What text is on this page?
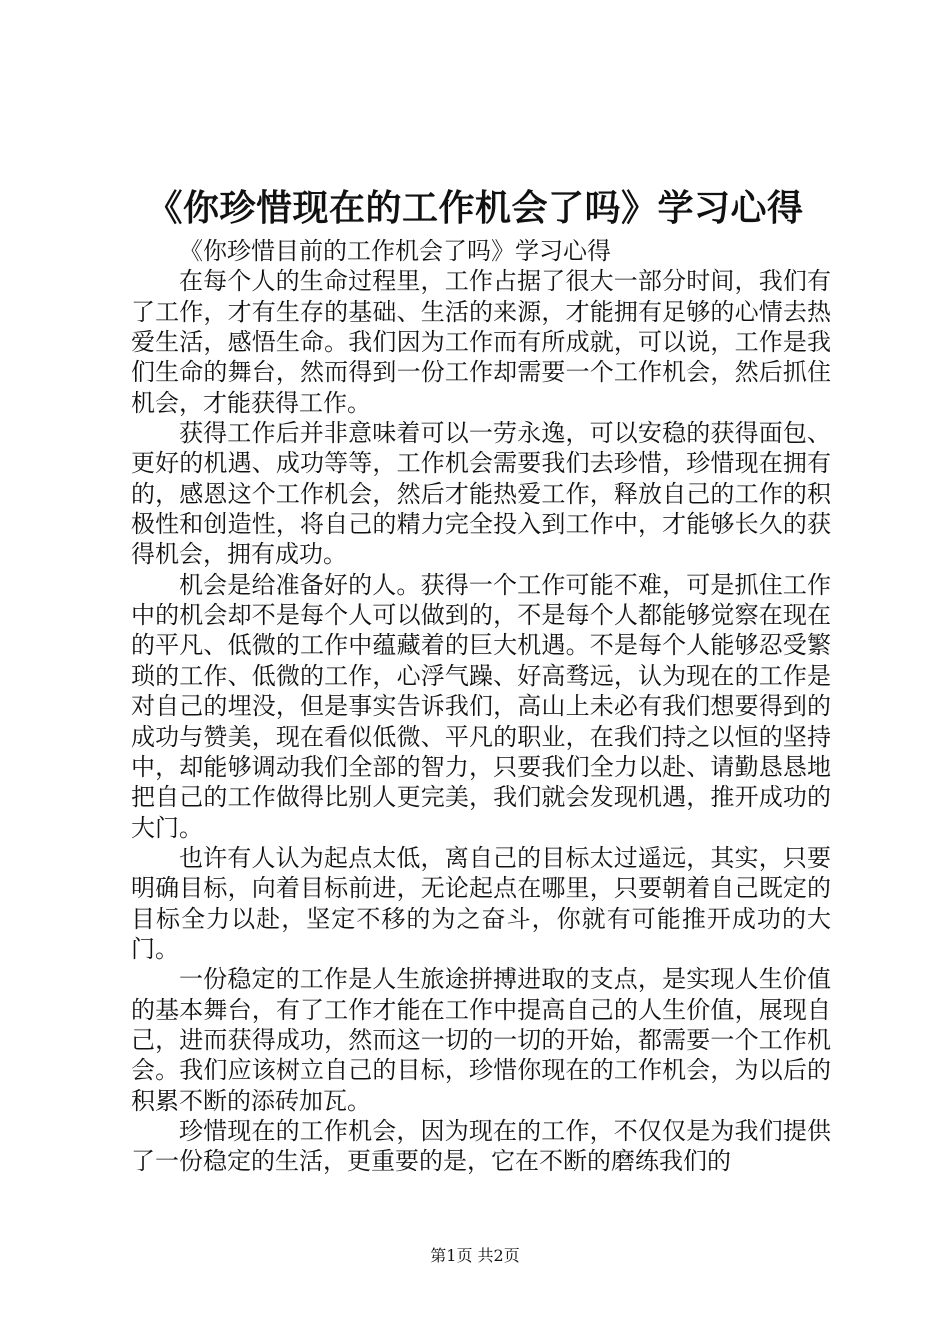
《你珍惜现在的工作机会了吗》学习心得

《你珍惜目前的工作机会了吗》学习心得

在每个人的生命过程里，工作占据了很大一部分时间，我们有了工作，才有生存的基础、生活的来源，才能拥有足够的心情去热爱生活，感悟生命。我们因为工作而有所成就，可以说，工作是我们生命的舞台，然而得到一份工作却需要一个工作机会，然后抓住机会，才能获得工作。

获得工作后并非意味着可以一劳永逸，可以安稳的获得面包、更好的机遇、成功等等，工作机会需要我们去珍惜，珍惜现在拥有的，感恩这个工作机会，然后才能热爱工作，释放自己的工作的积极性和创造性，将自己的精力完全投入到工作中，才能够长久的获得机会，拥有成功。

机会是给准备好的人。获得一个工作可能不难，可是抓住工作中的机会却不是每个人可以做到的，不是每个人都能够觉察在现在的平凡、低微的工作中蕴藏着的巨大机遇。不是每个人能够忍受繁琐的工作、低微的工作，心浮气躁、好高骛远，认为现在的工作是对自己的埋没，但是事实告诉我们，高山上未必有我们想要得到的成功与赞美，现在看似低微、平凡的职业，在我们持之以恒的坚持中，却能够调动我们全部的智力，只要我们全力以赴、请勤恳恳地把自己的工作做得比别人更完美，我们就会发现机遇，推开成功的大门。

也许有人认为起点太低，离自己的目标太过遥远，其实，只要明确目标，向着目标前进，无论起点在哪里，只要朝着自己既定的目标全力以赴，坚定不移的为之奋斗，你就有可能推开成功的大门。

一份稳定的工作是人生旅途拼搏进取的支点，是实现人生价值的基本舞台，有了工作才能在工作中提高自己的人生价值，展现自己，进而获得成功，然而这一切的一切的开始，都需要一个工作机会。我们应该树立自己的目标，珍惜你现在的工作机会，为以后的积累不断的添砖加瓦。

珍惜现在的工作机会，因为现在的工作，不仅仅是为我们提供了一份稳定的生活，更重要的是，它在不断的磨练我们的

第1页 共2页
